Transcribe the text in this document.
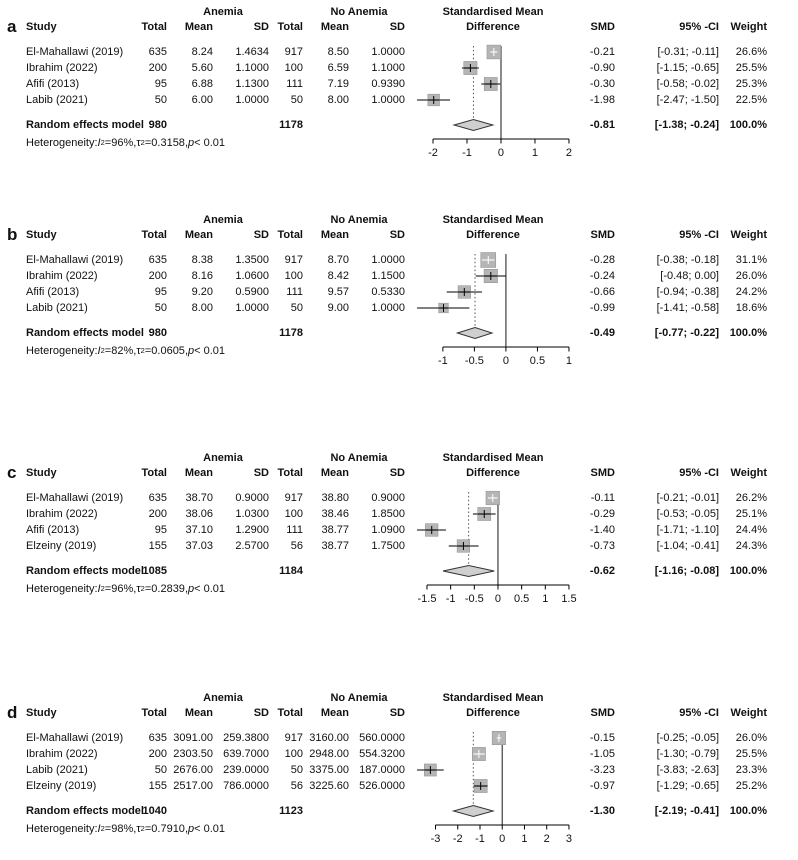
a
Anemia	No Anemia	Standardised Mean
Study	Total	Mean	SD Total	Mean	SD	Difference	SMD	95% -CI	Weight
El-Mahallawi (2019)	635	8.24	1.4634	917	8.50	1.0000	-0.21	[-0.31; -0.11]	26.6%
Ibrahim (2022)	200	5.60	1.1000	100	6.59	1.1000	-0.90	[-1.15; -0.65]	25.5%
Afifi (2013)	95	6.88	1.1300	111	7.19	0.9390	-0.30	[-0.58; -0.02]	25.3%
Labib (2021)	50	6.00	1.0000	50	8.00	1.0000	-1.98	[-2.47; -1.50]	22.5%
Random effects model 980	1178	-0.81	[-1.38; -0.24] 100.0%
Heterogeneity: I 2 = 96% , τ 2 = 0.3158 , p < 0.01
-2 -1 0	1	2
b
Anemia	No Anemia	Standardised Mean
Study	Total	Mean	SD Total	Mean	SD	Difference	SMD	95% -CI	Weight
El-Mahallawi (2019)	635	8.38	1.3500	917	8.70	1.0000	-0.28	[-0.38; -0.18]	31.1%
Ibrahim (2022)	200	8.16	1.0600	100	8.42	1.1500	-0.24	[-0.48; 0.00]	26.0%
Afifi (2013)	95	9.20	0.5900	111	9.57	0.5330	-0.66	[-0.94; -0.38]	24.2%
Labib (2021)	50	8.00	1.0000	50	9.00	1.0000	-0.99	[-1.41; -0.58]	18.6%
Random effects model 980	1178	-0.49	[-0.77; -0.22] 100.0%
Heterogeneity: I 2 = 82% , τ 2 = 0.0605 , p < 0.01
-1 -0.5 0 0.5 1
c
Anemia	No Anemia	Standardised Mean
Study	Total	Mean	SD Total	Mean	SD	Difference	SMD	95% -CI	Weight
El-Mahallawi (2019)	635	38.70	0.9000	917	38.80	0.9000	-0.11	[-0.21; -0.01]	26.2%
Ibrahim (2022)	200	38.06	1.0300	100	38.46	1.8500	-0.29	[-0.53; -0.05]	25.1%
Afifi (2013)	95	37.10	1.2900	111	38.77	1.0900	-1.40	[-1.71; -1.10]	24.4%
Elzeiny (2019)	155	37.03	2.5700	56	38.77	1.7500	-0.73	[-1.04; -0.41]	24.3%
Random effects model
1085	1184	-0.62	[-1.16; -0.08] 100.0%
Heterogeneity: I 2 = 96% , τ 2 = 0.2839 , p < 0.01
-1.5 -1 -0.5 0 0.5 1 1.5
d
Anemia	No Anemia	Standardised Mean
Study	Total	Mean	SD Total	Mean	SD	Difference	SMD	95% -CI	Weight
El-Mahallawi (2019)	635 3091.00 259.3800	917 3160.00 560.0000	-0.15	[-0.25; -0.05]	26.0%
Ibrahim (2022)	200 2303.50 639.7000	100 2948.00 554.3200	-1.05	[-1.30; -0.79]	25.5%
Labib (2021)	50 2676.00 239.0000	50 3375.00 187.0000	-3.23	[-3.83; -2.63]	23.3%
Elzeiny (2019)	155 2517.00 786.0000	56 3225.60 526.0000	-0.97	[-1.29; -0.65]	25.2%
Random effects model
1040	1123	-1.30	[-2.19; -0.41] 100.0%
Heterogeneity: I 2 = 98% , τ 2 = 0.7910 , p < 0.01
-3 -2 -1 0 1 2 3
